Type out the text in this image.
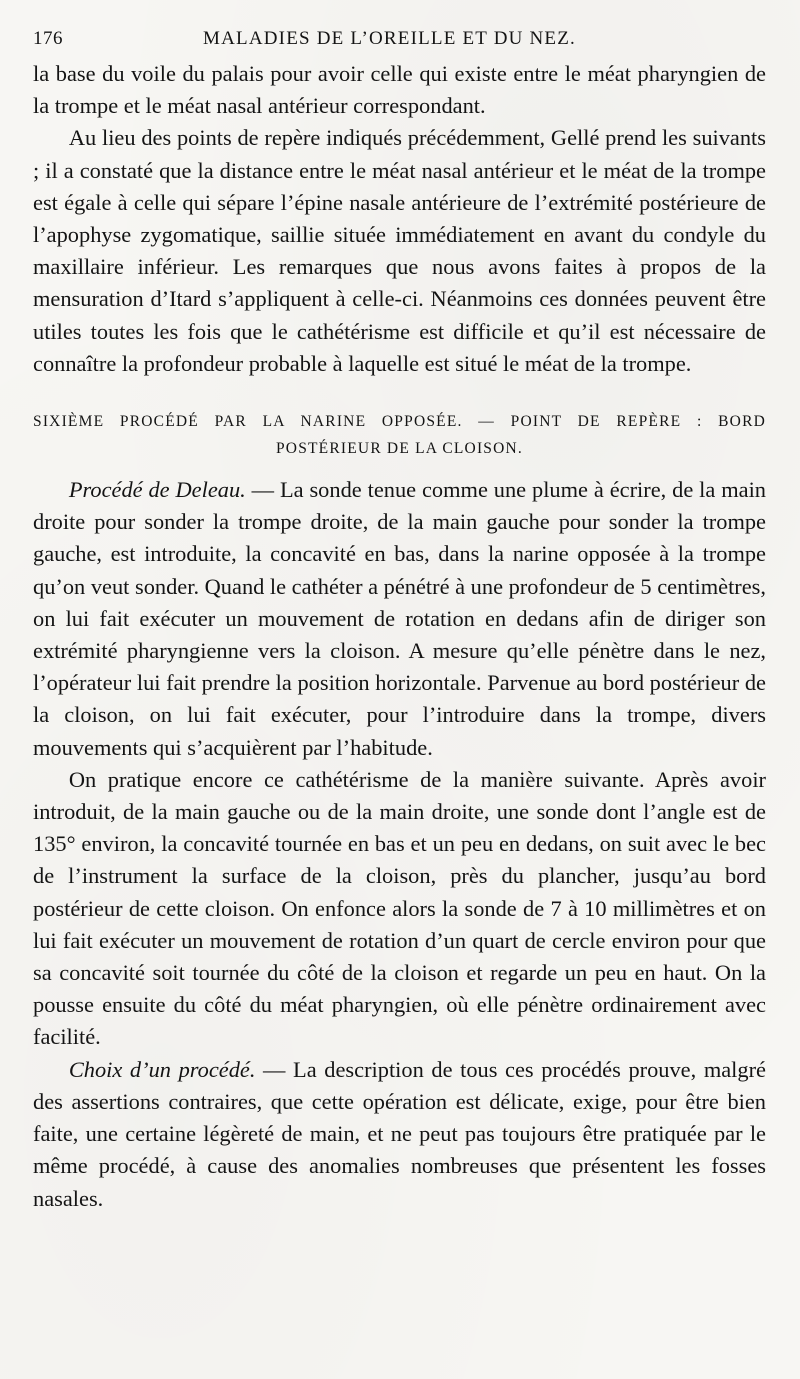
176	MALADIES DE L’OREILLE ET DU NEZ.

la base du voile du palais pour avoir celle qui existe entre le méat pharyngien de la trompe et le méat nasal antérieur correspondant.

Au lieu des points de repère indiqués précédemment, Gellé prend les suivants ; il a constaté que la distance entre le méat nasal antérieur et le méat de la trompe est égale à celle qui sépare l’épine nasale antérieure de l’extrémité postérieure de l’apophyse zygomatique, saillie située immédiatement en avant du condyle du maxillaire inférieur. Les remarques que nous avons faites à propos de la mensuration d’Itard s’appliquent à celle-ci. Néanmoins ces données peuvent être utiles toutes les fois que le cathétérisme est difficile et qu’il est nécessaire de connaître la profondeur probable à laquelle est situé le méat de la trompe.

SIXIÈME PROCÉDÉ PAR LA NARINE OPPOSÉE. — POINT DE REPÈRE : BORD
POSTÉRIEUR DE LA CLOISON.

Procédé de Deleau. — La sonde tenue comme une plume à écrire, de la main droite pour sonder la trompe droite, de la main gauche pour sonder la trompe gauche, est introduite, la concavité en bas, dans la narine opposée à la trompe qu’on veut sonder. Quand le cathéter a pénétré à une profondeur de 5 centimètres, on lui fait exécuter un mouvement de rotation en dedans afin de diriger son extrémité pharyngienne vers la cloison. A mesure qu’elle pénètre dans le nez, l’opérateur lui fait prendre la position horizontale. Parvenue au bord postérieur de la cloison, on lui fait exécuter, pour l’introduire dans la trompe, divers mouvements qui s’acquièrent par l’habitude.

On pratique encore ce cathétérisme de la manière suivante. Après avoir introduit, de la main gauche ou de la main droite, une sonde dont l’angle est de 135° environ, la concavité tournée en bas et un peu en dedans, on suit avec le bec de l’instrument la surface de la cloison, près du plancher, jusqu’au bord postérieur de cette cloison. On enfonce alors la sonde de 7 à 10 millimètres et on lui fait exécuter un mouvement de rotation d’un quart de cercle environ pour que sa concavité soit tournée du côté de la cloison et regarde un peu en haut. On la pousse ensuite du côté du méat pharyngien, où elle pénètre ordinairement avec facilité.

Choix d’un procédé. — La description de tous ces procédés prouve, malgré des assertions contraires, que cette opération est délicate, exige, pour être bien faite, une certaine légèreté de main, et ne peut pas toujours être pratiquée par le même procédé, à cause des anomalies nombreuses que présentent les fosses nasales.
